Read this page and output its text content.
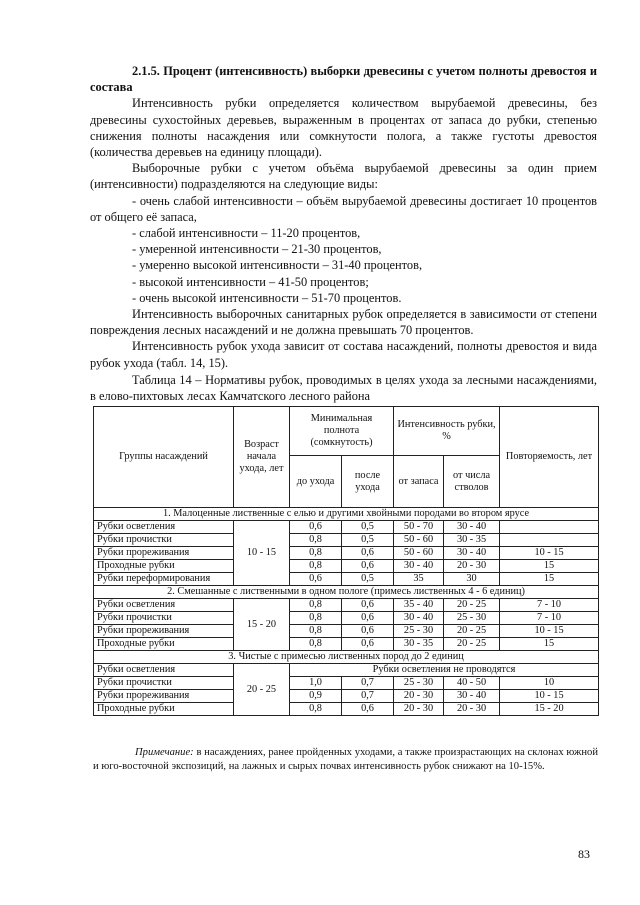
2.1.5. Процент (интенсивность) выборки древесины с учетом полноты древостоя и состава

Интенсивность рубки определяется количеством вырубаемой древесины, без древесины сухостойных деревьев, выраженным в процентах от запаса до рубки, степенью снижения полноты насаждения или сомкнутости полога, а также густоты древостоя (количества деревьев на единицу площади).

Выборочные рубки с учетом объёма вырубаемой древесины за один прием (интенсивности) подразделяются на следующие виды:

- очень слабой интенсивности – объём вырубаемой древесины достигает 10 процентов от общего её запаса,

- слабой интенсивности – 11-20 процентов,

- умеренной интенсивности – 21-30 процентов,

- умеренно высокой интенсивности – 31-40 процентов,

- высокой интенсивности – 41-50 процентов;

- очень высокой интенсивности – 51-70 процентов.

Интенсивность выборочных санитарных рубок определяется в зависимости от степени повреждения лесных насаждений и не должна превышать 70 процентов.

Интенсивность рубок ухода зависит от состава насаждений, полноты древостоя и вида рубок ухода (табл. 14, 15).

Таблица 14 – Нормативы рубок, проводимых в целях ухода за лесными насаждениями, в елово-пихтовых лесах Камчатского лесного района

Группы насаждений	Возраст начала ухода, лет	Минимальная полнота (сомкнутость)		Интенсивность рубки, %		Повторяемость, лет
		до ухода	после ухода	от запаса	от числа стволов	
1. Малоценные лиственные с елью и другими хвойными породами во втором ярусе						
Рубки осветления	10 - 15	0,6	0,5	50 - 70	30 - 40	
Рубки прочистки		0,8	0,5	50 - 60	30 - 35	
Рубки прореживания		0,8	0,6	50 - 60	30 - 40	10 - 15
Проходные рубки		0,8	0,6	30 - 40	20 - 30	15
Рубки переформирования		0,6	0,5	35	30	15
2. Смешанные с лиственными в одном пологе (примесь лиственных 4 - 6 единиц)						
Рубки осветления	15 - 20	0,8	0,6	35 - 40	20 - 25	7 - 10
Рубки прочистки		0,8	0,6	30 - 40	25 - 30	7 - 10
Рубки прореживания		0,8	0,6	25 - 30	20 - 25	10 - 15
Проходные рубки		0,8	0,6	30 - 35	20 - 25	15
3. Чистые с примесью лиственных пород до 2 единиц						
Рубки осветления	20 - 25	Рубки осветления не проводятся				
Рубки прочистки		1,0	0,7	25 - 30	40 - 50	10
Рубки прореживания		0,9	0,7	20 - 30	30 - 40	10 - 15
Проходные рубки		0,8	0,6	20 - 30	20 - 30	15 - 20
Примечание: в насаждениях, ранее пройденных уходами, а также произрастающих на склонах южной и юго-восточной экспозиций, на лажных и сырых почвах интенсивность рубок снижают на 10-15%.
83
